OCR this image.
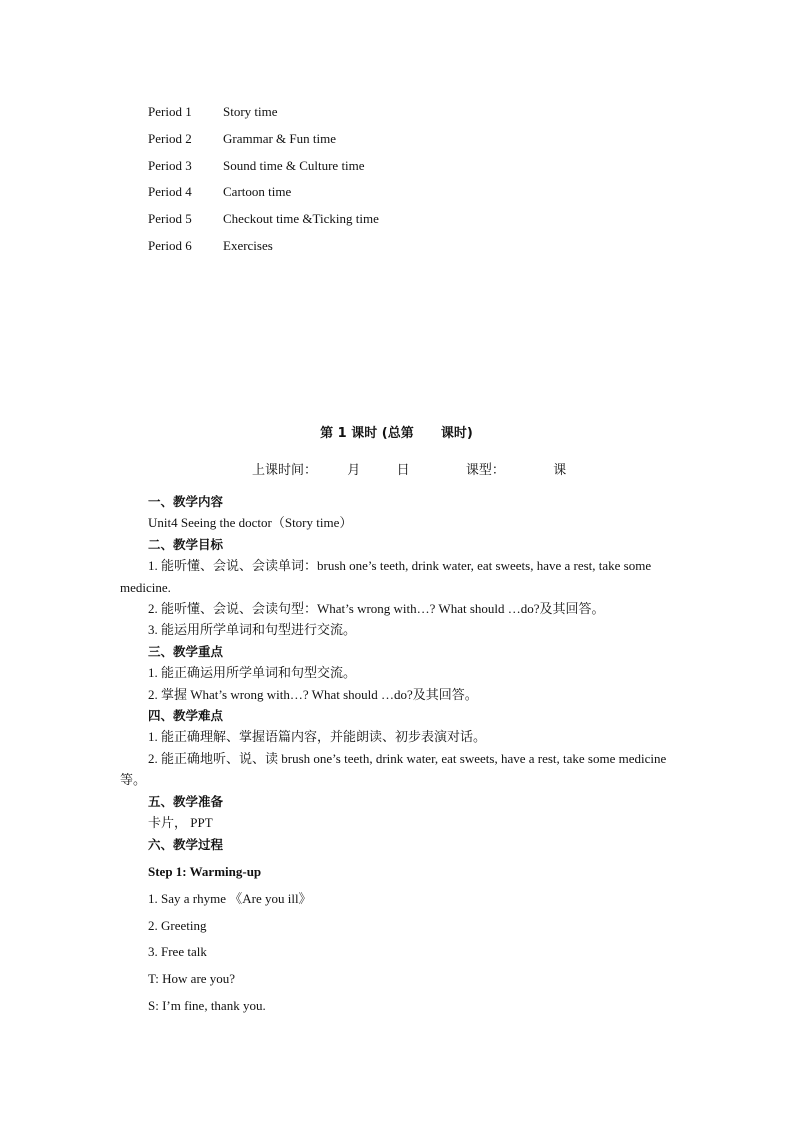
Period 1 Story time
Period 2 Grammar & Fun time
Period 3 Sound time & Culture time
Period 4 Cartoon time
Period 5 Checkout time &Ticking time
Period 6 Exercises
第 1 课时 (总第      课时)
上课时间： 月	日	课型：	课
一、教学内容
Unit4 Seeing the doctor（Story time）
二、教学目标
1. 能听懂、会说、会读单词：brush one’s teeth, drink water, eat sweets, have a rest, take some medicine.
2. 能听懂、会说、会读句型：What’s wrong with…? What should …do?及其回答。
3. 能运用所学单词和句型进行交流。
三、教学重点
1. 能正确运用所学单词和句型交流。
2. 掌握 What’s wrong with…? What should …do?及其回答。
四、教学难点
1. 能正确理解、掌握语篇内容，并能朗读、初步表演对话。
2. 能正确地听、说、读 brush one’s teeth, drink water, eat sweets, have a rest, take some medicine 等。
五、教学准备
卡片， PPT
六、教学过程
Step 1: Warming-up
1. Say a rhyme 《Are you ill》
2. Greeting
3. Free talk
T: How are you?
S: I’m fine, thank you.
